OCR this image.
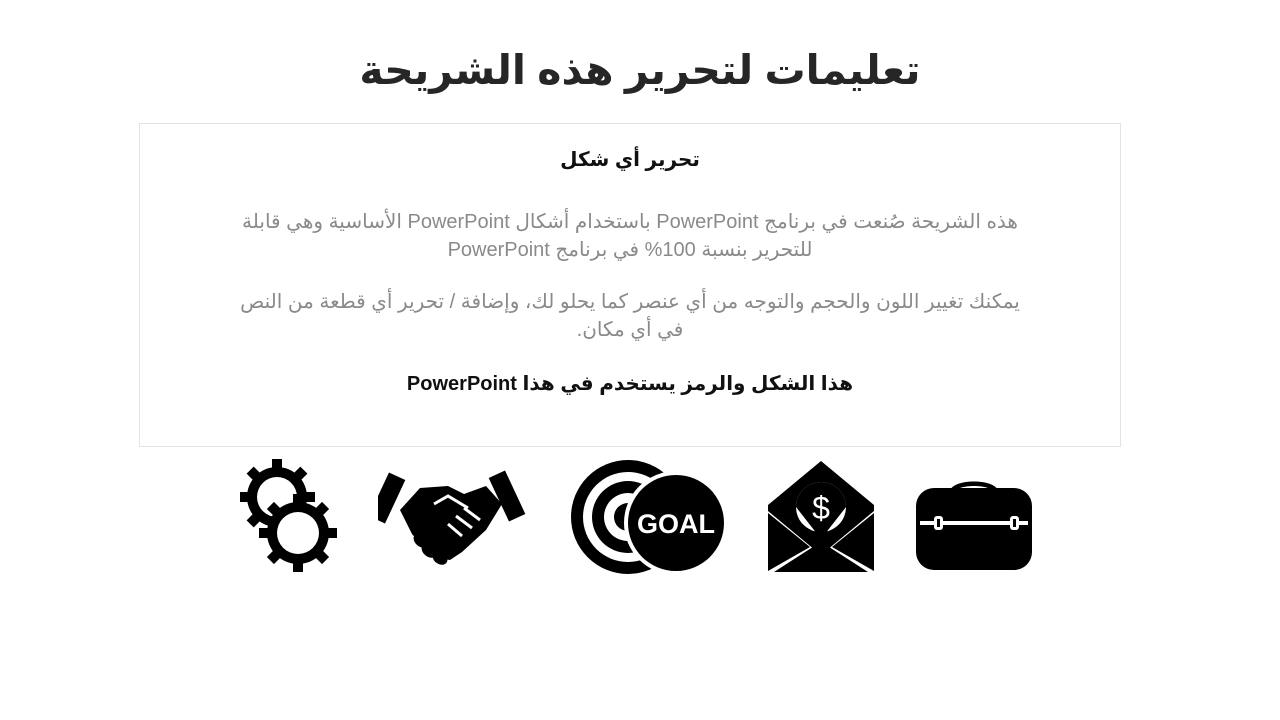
تعليمات لتحرير هذه الشريحة
تحرير أي شكل
هذه الشريحة صُنعت في برنامج PowerPoint باستخدام أشكال PowerPoint الأساسية وهي قابلة للتحرير بنسبة 100% في برنامج PowerPoint
يمكنك تغيير اللون والحجم والتوجه من أي عنصر كما يحلو لك، وإضافة / تحرير أي قطعة من النص في أي مكان.
هذا الشكل والرمز يستخدم في هذا PowerPoint
GOAL	$
